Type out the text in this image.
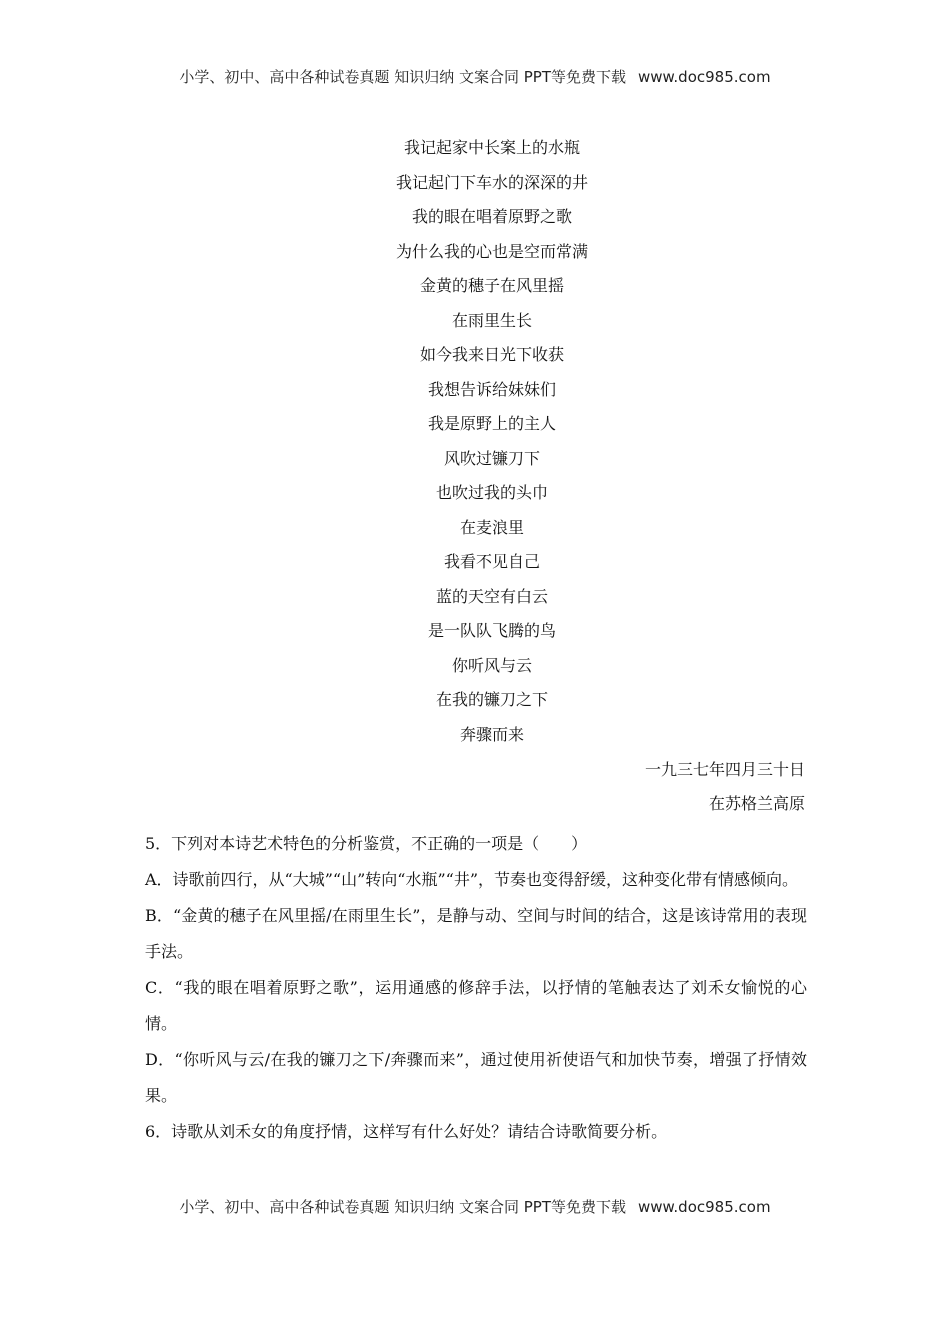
小学、初中、高中各种试卷真题 知识归纳 文案合同 PPT等免费下载 www.doc985.com
我记起家中长案上的水瓶
我记起门下车水的深深的井
我的眼在唱着原野之歌
为什么我的心也是空而常满
金黄的穗子在风里摇
在雨里生长
如今我来日光下收获
我想告诉给妹妹们
我是原野上的主人
风吹过镰刀下
也吹过我的头巾
在麦浪里
我看不见自己
蓝的天空有白云
是一队队飞腾的鸟
你听风与云
在我的镰刀之下
奔骤而来
一九三七年四月三十日
在苏格兰高原

5．下列对本诗艺术特色的分析鉴赏，不正确的一项是（　　）

A．诗歌前四行，从“大城”“山”转向“水瓶”“井”，节奏也变得舒缓，这种变化带有情感倾向。

B．“金黄的穗子在风里摇/在雨里生长”，是静与动、空间与时间的结合，这是该诗常用的表现手法。

C．“我的眼在唱着原野之歌”，运用通感的修辞手法，以抒情的笔触表达了刘禾女愉悦的心情。

D．“你听风与云/在我的镰刀之下/奔骤而来”，通过使用祈使语气和加快节奏，增强了抒情效果。

6．诗歌从刘禾女的角度抒情，这样写有什么好处？请结合诗歌简要分析。

小学、初中、高中各种试卷真题 知识归纳 文案合同 PPT等免费下载 www.doc985.com
